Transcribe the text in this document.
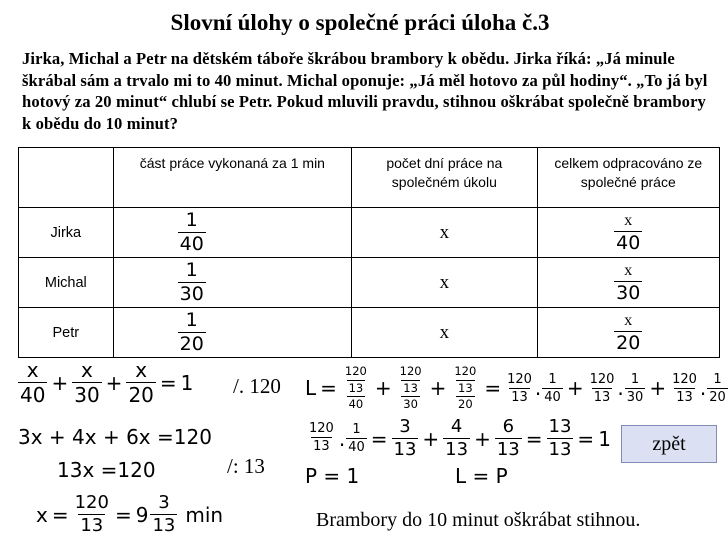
Slovní úlohy o společné práci úloha č.3
Jirka, Michal a Petr na dětském táboře škrábou brambory k obědu. Jirka říká: „Já minule škrábal sám a trvalo mi to 40 minut. Michal oponuje: „Já měl hotovo za půl hodiny“. „To já byl hotový za 20 minut“ chlubí se Petr. Pokud mluvili pravdu, stihnou oškrábat společně brambory k obědu do 10 minut?
	část práce vykonaná za 1 min	počet dní práce na společném úkolu	celkem odpracováno ze společné práce
Jirka	$\frac{1}{40}$	x	$\frac{x}{40}$

Michal	$\frac{1}{30}$	x	$\frac{x}{30}$

Petr	$\frac{1}{20}$	x	$\frac{x}{20}$
$\frac{x}{40} + \frac{x}{30} + \frac{x}{20} = 1$ /. 120
3x + 4x + 6x =120
13x =120	/: 13
$x = \frac{120}{13} = 9 \frac{3}{13}$ min
$L = \frac{\frac{120}{13}}{40} + \frac{\frac{120}{13}}{30} + \frac{\frac{120}{13}}{20} = \frac{120}{13}$ . $\frac{1}{40} + \frac{120}{13}$ . $\frac{1}{30} + \frac{120}{13}$ . $\frac{1}{20}$
$\frac{120}{13}$ . $\frac{1}{40} = \frac{3}{13} + \frac{4}{13} + \frac{6}{13} = \frac{13}{13} = 1$
P = 1	L = P
zpět
Brambory do 10 minut oškrábat stihnou.
